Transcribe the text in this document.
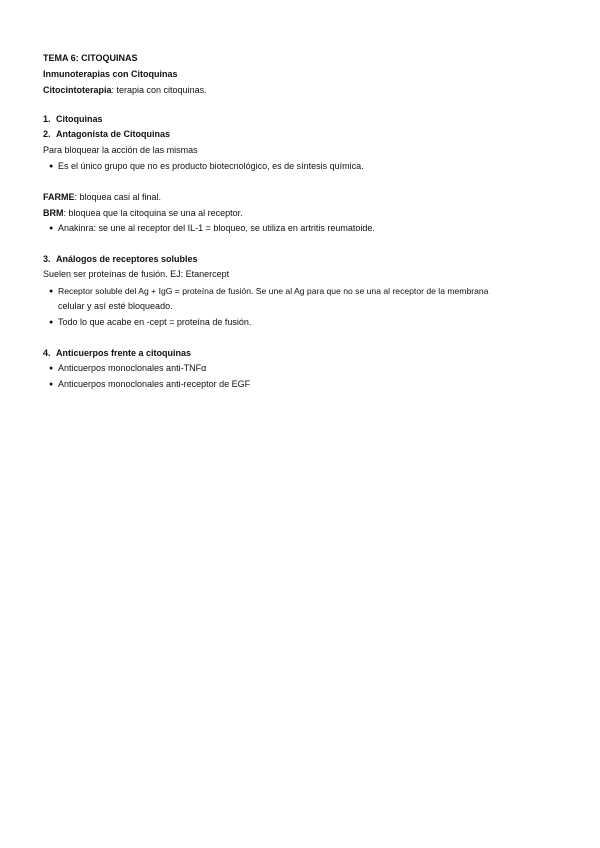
TEMA 6: CITOQUINAS
Inmunoterapias con Citoquinas
Citocintoterapia: terapia con citoquinas.
1. Citoquinas
2. Antagonista de Citoquinas
Para bloquear la acción de las mismas
● Es el único grupo que no es producto biotecnológico, es de síntesis química.
FARME: bloquea casi al final.
BRM: bloquea que la citoquina se una al receptor.
● Anakinra: se une al receptor del IL-1 = bloqueo, se utiliza en artritis reumatoide.
3. Análogos de receptores solubles
Suelen ser proteínas de fusión. EJ: Etanercept
● Receptor soluble del Ag + IgG = proteína de fusión. Se une al Ag para que no se una al receptor de la membrana
celular y así esté bloqueado.
● Todo lo que acabe en -cept = proteína de fusión.
4. Anticuerpos frente a citoquinas
● Anticuerpos monoclonales anti-TNFα
● Anticuerpos monoclonales anti-receptor de EGF
